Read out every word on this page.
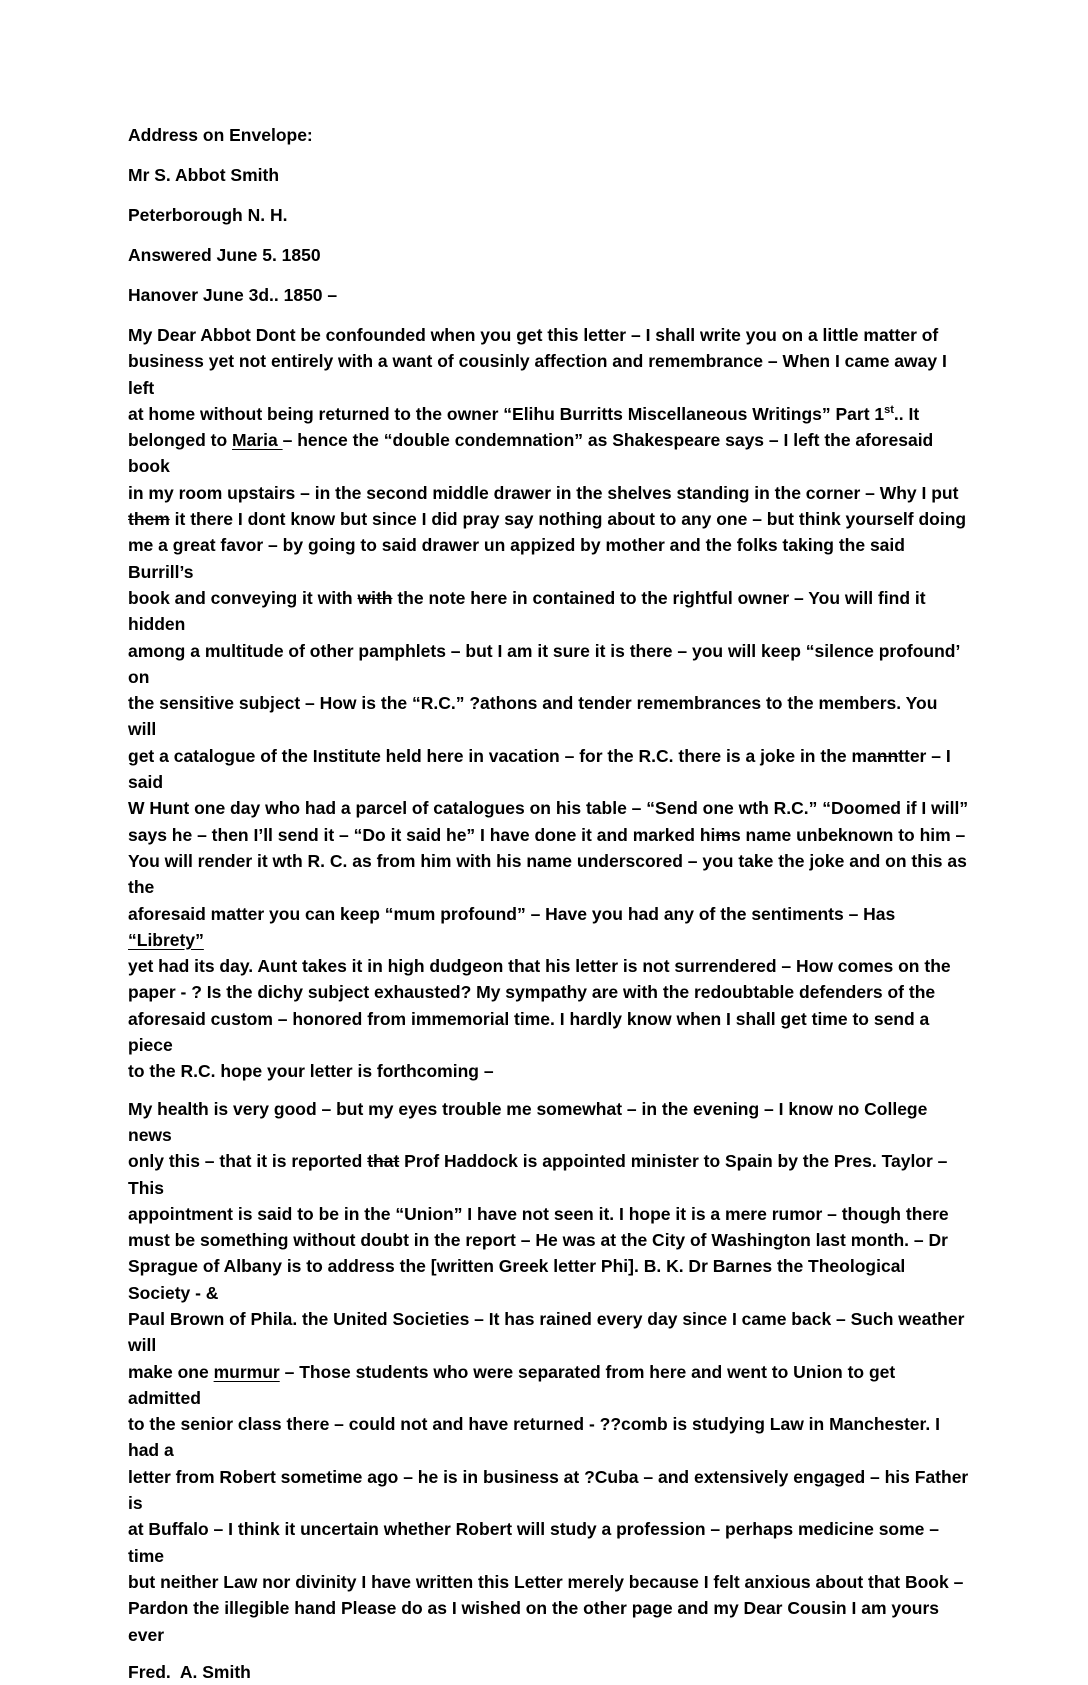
Address on Envelope:
Mr S. Abbot Smith
Peterborough N. H.
Answered June 5. 1850
Hanover June 3d.. 1850 –
My Dear Abbot Dont be confounded when you get this letter – I shall write you on a little matter of
business yet not entirely with a want of cousinly affection and remembrance – When I came away I left
at home without being returned to the owner “Elihu Burritts Miscellaneous Writings” Part 1st.. It
belonged to Maria – hence the “double condemnation” as Shakespeare says – I left the aforesaid book
in my room upstairs – in the second middle drawer in the shelves standing in the corner – Why I put
them it there I dont know but since I did pray say nothing about to any one – but think yourself doing
me a great favor – by going to said drawer un appized by mother and the folks taking the said Burrill’s
book and conveying it with with the note here in contained to the rightful owner – You will find it hidden
among a multitude of other pamphlets – but I am it sure it is there – you will keep “silence profound’ on
the sensitive subject – How is the “R.C.” ?athons and tender remembrances to the members. You will
get a catalogue of the Institute held here in vacation – for the R.C. there is a joke in the manntter – I said
W Hunt one day who had a parcel of catalogues on his table – “Send one wth R.C.” “Doomed if I will”
says he – then I’ll send it – “Do it said he” I have done it and marked hims name unbeknown to him –
You will render it wth R. C. as from him with his name underscored – you take the joke and on this as the
aforesaid matter you can keep “mum profound” – Have you had any of the sentiments – Has “Librety”
yet had its day. Aunt takes it in high dudgeon that his letter is not surrendered – How comes on the
paper - ? Is the dichy subject exhausted? My sympathy are with the redoubtable defenders of the
aforesaid custom – honored from immemorial time. I hardly know when I shall get time to send a piece
to the R.C. hope your letter is forthcoming –
My health is very good – but my eyes trouble me somewhat – in the evening – I know no College news
only this – that it is reported that Prof Haddock is appointed minister to Spain by the Pres. Taylor – This
appointment is said to be in the “Union” I have not seen it. I hope it is a mere rumor – though there
must be something without doubt in the report – He was at the City of Washington last month. – Dr
Sprague of Albany is to address the [written Greek letter Phi]. B. K. Dr Barnes the Theological Society - &
Paul Brown of Phila. the United Societies – It has rained every day since I came back – Such weather will
make one murmur – Those students who were separated from here and went to Union to get admitted
to the senior class there – could not and have returned - ??comb is studying Law in Manchester. I had a
letter from Robert sometime ago – he is in business at ?Cuba – and extensively engaged – his Father is
at Buffalo – I think it uncertain whether Robert will study a profession – perhaps medicine some – time
but neither Law nor divinity I have written this Letter merely because I felt anxious about that Book –
Pardon the illegible hand Please do as I wished on the other page and my Dear Cousin I am yours ever
Fred.  A. Smith
